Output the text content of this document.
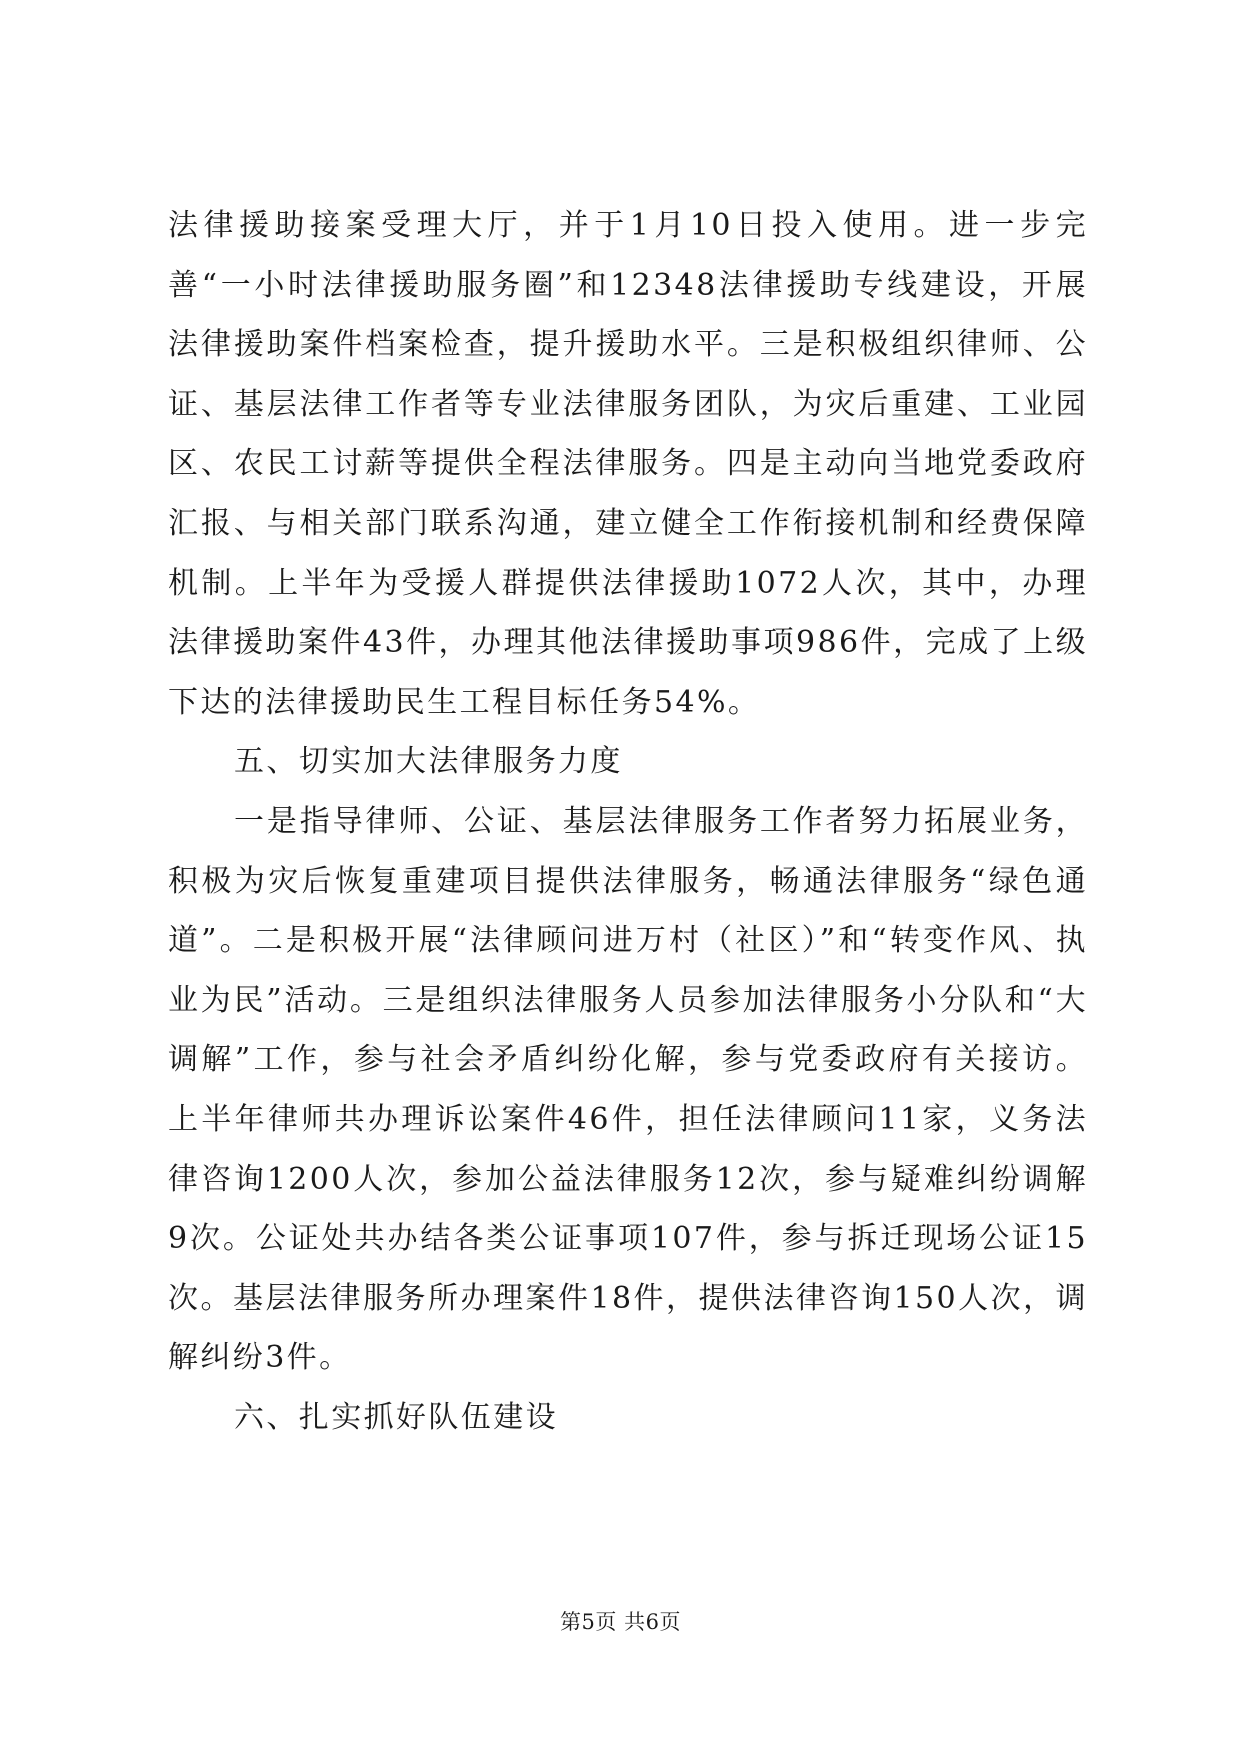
法律援助接案受理大厅，并于1月10日投入使用。进一步完善“一小时法律援助服务圈”和12348法律援助专线建设，开展法律援助案件档案检查，提升援助水平。三是积极组织律师、公证、基层法律工作者等专业法律服务团队，为灾后重建、工业园区、农民工讨薪等提供全程法律服务。四是主动向当地党委政府汇报、与相关部门联系沟通，建立健全工作衔接机制和经费保障机制。上半年为受援人群提供法律援助1072人次，其中，办理法律援助案件43件，办理其他法律援助事项986件，完成了上级下达的法律援助民生工程目标任务54%。

五、切实加大法律服务力度

一是指导律师、公证、基层法律服务工作者努力拓展业务，积极为灾后恢复重建项目提供法律服务，畅通法律服务“绿色通道”。二是积极开展“法律顾问进万村（社区）”和“转变作风、执业为民”活动。三是组织法律服务人员参加法律服务小分队和“大调解”工作，参与社会矛盾纠纷化解，参与党委政府有关接访。上半年律师共办理诉讼案件46件，担任法律顾问11家，义务法律咨询1200人次，参加公益法律服务12次，参与疑难纠纷调解9次。公证处共办结各类公证事项107件，参与拆迁现场公证15次。基层法律服务所办理案件18件，提供法律咨询150人次，调解纠纷3件。

六、扎实抓好队伍建设

第5页 共6页
